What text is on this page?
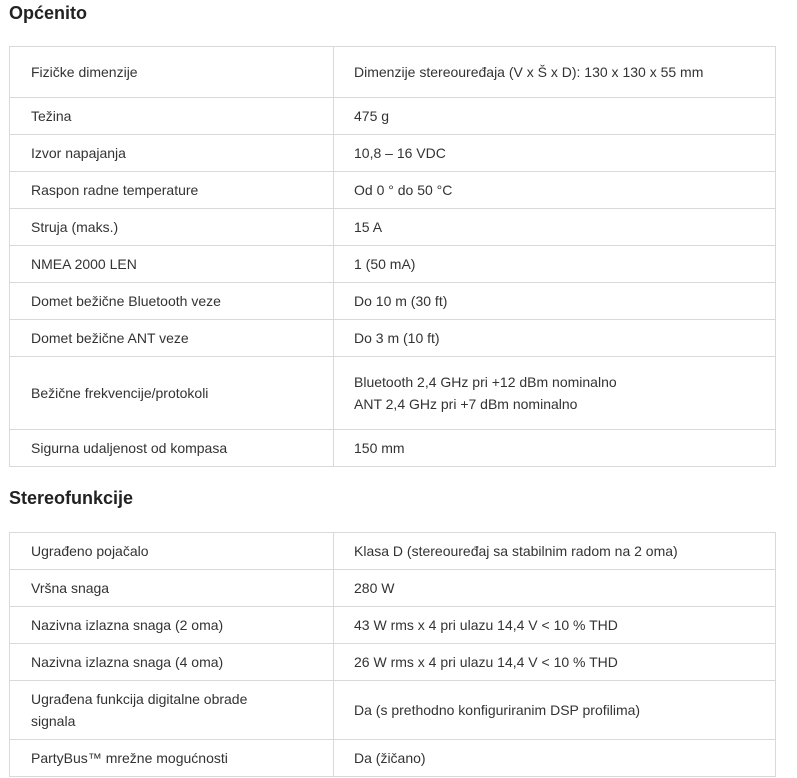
Općenito
Fizičke dimenzije	Dimenzije stereouređaja (V x Š x D): 130 x 130 x 55 mm
Težina	475 g
Izvor napajanja	10,8 – 16 VDC
Raspon radne temperature	Od 0 ° do 50 °C
Struja (maks.)	15 A
NMEA 2000 LEN	1 (50 mA)
Domet bežične Bluetooth veze	Do 10 m (30 ft)
Domet bežične ANT veze	Do 3 m (10 ft)
Bežične frekvencije/protokoli	Bluetooth 2,4 GHz pri +12 dBm nominalno
ANT 2,4 GHz pri +7 dBm nominalno

Sigurna udaljenost od kompasa	150 mm
Stereofunkcije
Ugrađeno pojačalo	Klasa D (stereouređaj sa stabilnim radom na 2 oma)
Vršna snaga	280 W
Nazivna izlazna snaga (2 oma)	43 W rms x 4 pri ulazu 14,4 V < 10 % THD
Nazivna izlazna snaga (4 oma)	26 W rms x 4 pri ulazu 14,4 V < 10 % THD

Ugrađena funkcija digitalne obrade
signala	Da (s prethodno konfiguriranim DSP profilima)
PartyBus™ mrežne mogućnosti	Da (žičano)
